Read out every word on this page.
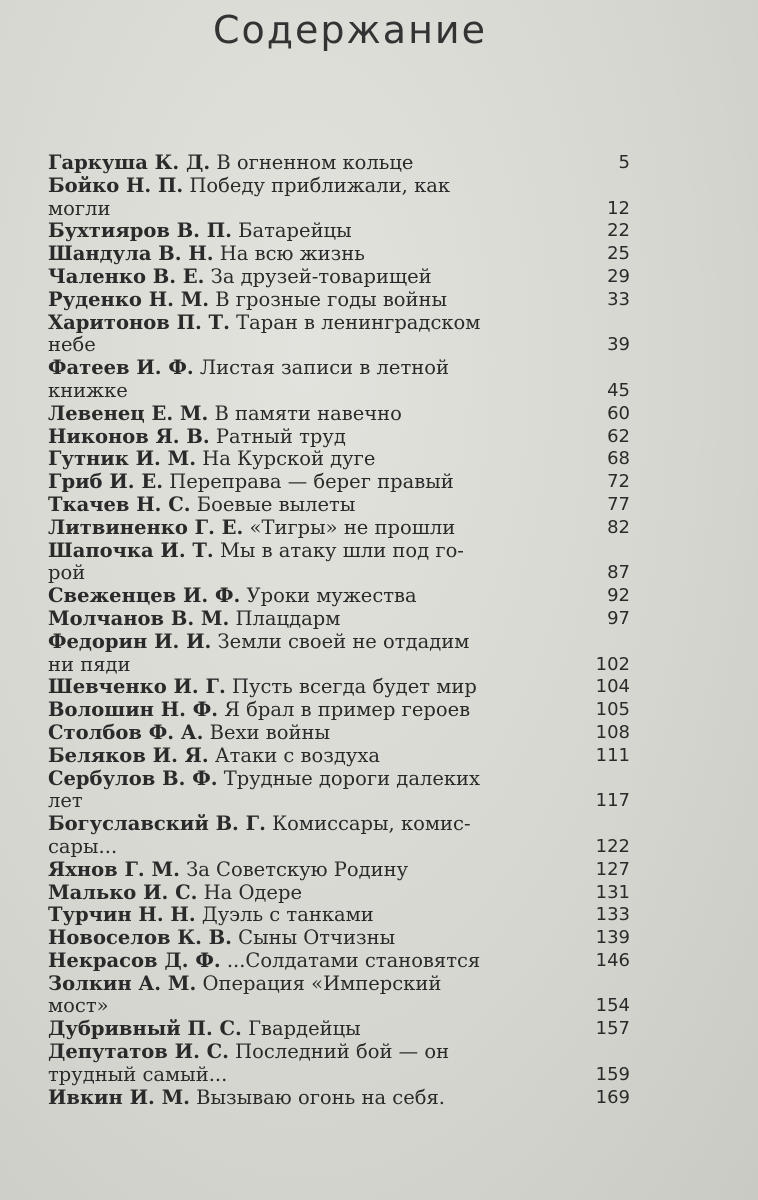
Содержание
Гаркуша К. Д. В огненном кольце	5
Бойко Н. П. Победу приближали, как
могли	12
Бухтияров В. П. Батарейцы	22
Шандула В. Н. На всю жизнь	25
Чаленко В. Е. За друзей-товарищей	29
Руденко Н. М. В грозные годы войны	33
Харитонов П. Т. Таран в ленинградском
небе	39
Фатеев И. Ф. Листая записи в летной
книжке	45
Левенец Е. М. В памяти навечно	60
Никонов Я. В. Ратный труд	62
Гутник И. М. На Курской дуге	68
Гриб И. Е. Переправа — берег правый	72
Ткачев Н. С. Боевые вылеты	77
Литвиненко Г. Е. «Тигры» не прошли	82
Шапочка И. Т. Мы в атаку шли под го-
рой	87
Свеженцев И. Ф. Уроки мужества	92
Молчанов В. М. Плацдарм	97
Федорин И. И. Земли своей не отдадим
ни пяди	102
Шевченко И. Г. Пусть всегда будет мир	104
Волошин Н. Ф. Я брал в пример героев	105
Столбов Ф. А. Вехи войны	108
Беляков И. Я. Атаки с воздуха	111
Сербулов В. Ф. Трудные дороги далеких
лет	117
Богуславский В. Г. Комиссары, комис-
сары...	122
Яхнов Г. М. За Советскую Родину	127
Малько И. С. На Одере	131
Турчин Н. Н. Дуэль с танками	133
Новоселов К. В. Сыны Отчизны	139
Некрасов Д. Ф. ...Солдатами становятся	146
Золкин А. М. Операция «Имперский
мост»	154
Дубривный П. С. Гвардейцы	157
Депутатов И. С. Последний бой — он
трудный самый...	159
Ивкин И. М. Вызываю огонь на себя.	169
